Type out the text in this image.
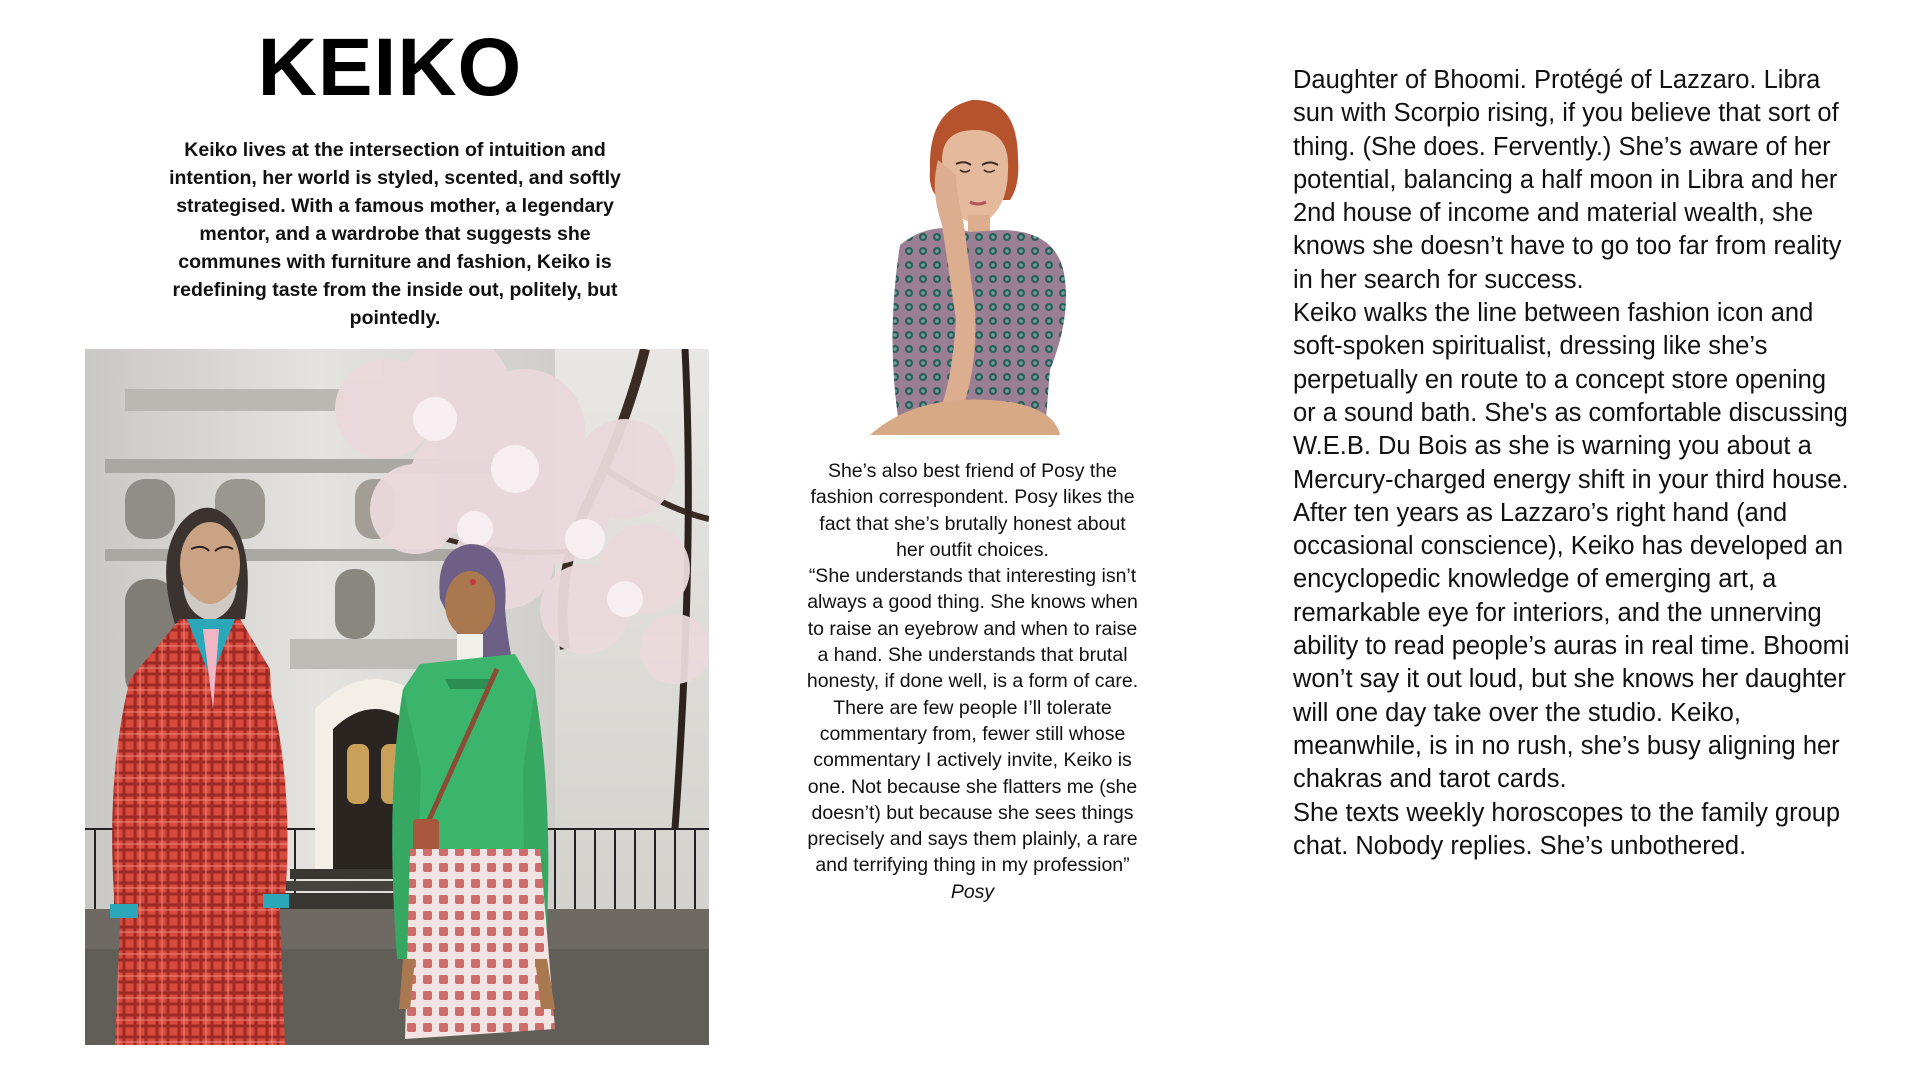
KEIKO
Keiko lives at the intersection of intuition and intention, her world is styled, scented, and softly strategised. With a famous mother, a legendary mentor, and a wardrobe that suggests she communes with furniture and fashion, Keiko is redefining taste from the inside out, politely, but pointedly.

She’s also best friend of Posy the fashion correspondent. Posy likes the fact that she’s brutally honest about her outfit choices.

“She understands that interesting isn’t always a good thing. She knows when to raise an eyebrow and when to raise a hand. She understands that brutal honesty, if done well, is a form of care. There are few people I’ll tolerate commentary from, fewer still whose commentary I actively invite, Keiko is one. Not because she flatters me (she doesn’t) but because she sees things precisely and says them plainly, a rare and terrifying thing in my profession”

Posy

Daughter of Bhoomi. Protégé of Lazzaro. Libra sun with Scorpio rising, if you believe that sort of thing. (She does. Fervently.) She’s aware of her potential, balancing a half moon in Libra and her 2nd house of income and material wealth, she knows she doesn’t have to go too far from reality in her search for success.

Keiko walks the line between fashion icon and soft-spoken spiritualist, dressing like she’s perpetually en route to a concept store opening or a sound bath. She's as comfortable discussing W.E.B. Du Bois as she is warning you about a Mercury-charged energy shift in your third house.

After ten years as Lazzaro’s right hand (and occasional conscience), Keiko has developed an encyclopedic knowledge of emerging art, a remarkable eye for interiors, and the unnerving ability to read people’s auras in real time. Bhoomi won’t say it out loud, but she knows her daughter will one day take over the studio. Keiko, meanwhile, is in no rush, she’s busy aligning her chakras and tarot cards.

She texts weekly horoscopes to the family group chat. Nobody replies. She’s unbothered.
